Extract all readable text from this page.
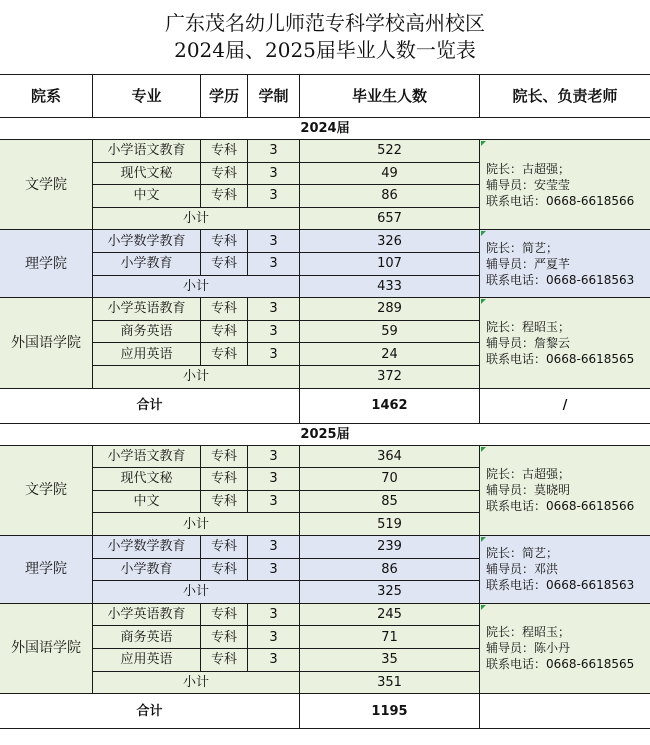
广东茂名幼儿师范专科学校高州校区
2024届、2025届毕业人数一览表
院系	专业	学历	学制	毕业生人数	院长、负责老师
2024届
文学院
小学语文教育	专科	3	522
现代文秘	专科	3	49
中文	专科	3	86
小计	657
院长：古超强；
辅导员：安莹莹
联系电话：0668-6618566
理学院
小学数学教育	专科	3	326
小学教育	专科	3	107
小计	433
院长：简艺；
辅导员：严夏芊
联系电话：0668-6618563
外国语学院
小学英语教育	专科	3	289
商务英语	专科	3	59
应用英语	专科	3	24
小计	372
院长：程昭玉；
辅导员：詹黎云
联系电话：0668-6618565
合计	1462	/
2025届
文学院
小学语文教育	专科	3	364
现代文秘	专科	3	70
中文	专科	3	85
小计	519
院长：古超强；
辅导员：莫晓明
联系电话：0668-6618566
理学院
小学数学教育	专科	3	239
小学教育	专科	3	86
小计	325
院长：简艺；
辅导员：邓洪
联系电话：0668-6618563
外国语学院
小学英语教育	专科	3	245
商务英语	专科	3	71
应用英语	专科	3	35
小计	351
院长：程昭玉；
辅导员：陈小丹
联系电话：0668-6618565
合计	1195
